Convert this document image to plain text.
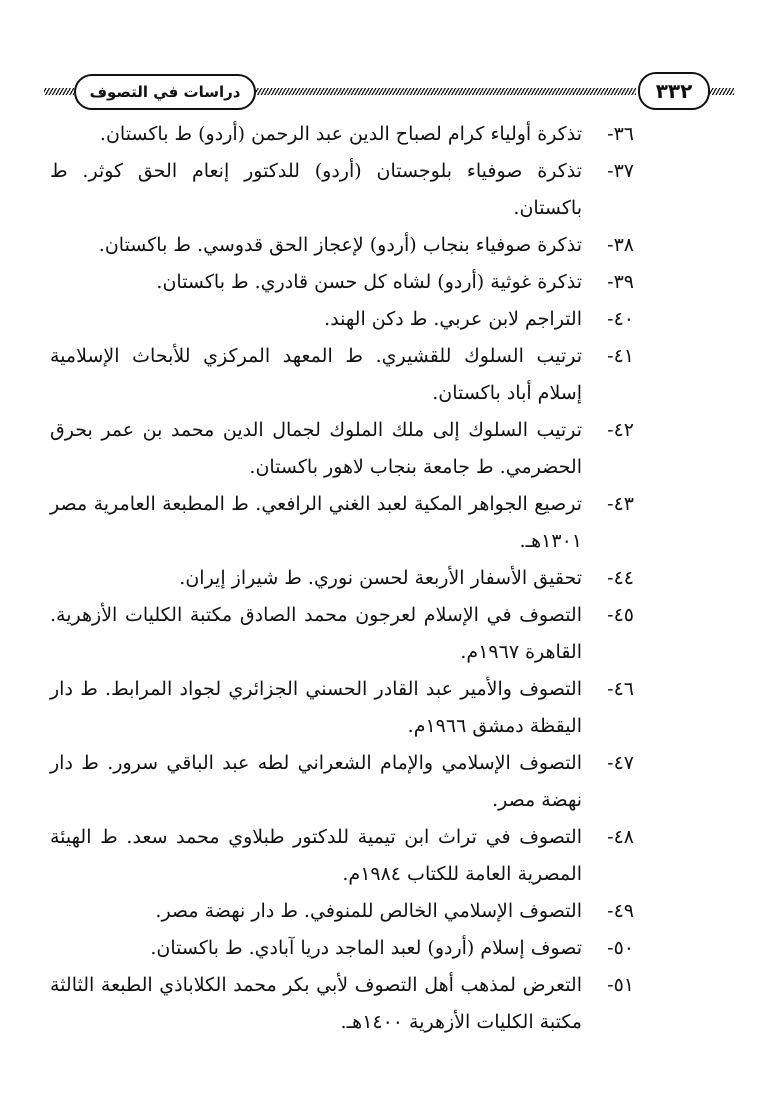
دراسات في التصوف	٣٣٢
٣٦-
تذكرة أولياء كرام لصباح الدين عبد الرحمن (أردو) ط باكستان.
٣٧-
تذكرة صوفياء بلوجستان (أردو) للدكتور إنعام الحق كوثر. ط باكستان.
٣٨-
تذكرة صوفياء بنجاب (أردو) لإعجاز الحق قدوسي. ط باكستان.
٣٩-
تذكرة غوثية (أردو) لشاه كل حسن قادري. ط باكستان.
٤٠-
التراجم لابن عربي. ط دكن الهند.
٤١-
ترتيب السلوك للقشيري. ط المعهد المركزي للأبحاث الإسلامية إسلام أباد باكستان.
٤٢-
ترتيب السلوك إلى ملك الملوك لجمال الدين محمد بن عمر بحرق الحضرمي. ط جامعة بنجاب لاهور باكستان.
٤٣-
ترصيع الجواهر المكية لعبد الغني الرافعي. ط المطبعة العامرية مصر ١٣٠١هـ.
٤٤-
تحقيق الأسفار الأربعة لحسن نوري. ط شيراز إيران.
٤٥-
التصوف في الإسلام لعرجون محمد الصادق مكتبة الكليات الأزهرية. القاهرة ١٩٦٧م.
٤٦-
التصوف والأمير عبد القادر الحسني الجزائري لجواد المرابط. ط دار اليقظة دمشق ١٩٦٦م.
٤٧-
التصوف الإسلامي والإمام الشعراني لطه عبد الباقي سرور. ط دار نهضة مصر.
٤٨-
التصوف في تراث ابن تيمية للدكتور طبلاوي محمد سعد. ط الهيئة المصرية العامة للكتاب ١٩٨٤م.
٤٩-
التصوف الإسلامي الخالص للمنوفي. ط دار نهضة مصر.
٥٠-
تصوف إسلام (أردو) لعبد الماجد دريا آبادي. ط باكستان.
٥١-
التعرض لمذهب أهل التصوف لأبي بكر محمد الكلاباذي الطبعة الثالثة مكتبة الكليات الأزهرية ١٤٠٠هـ.
